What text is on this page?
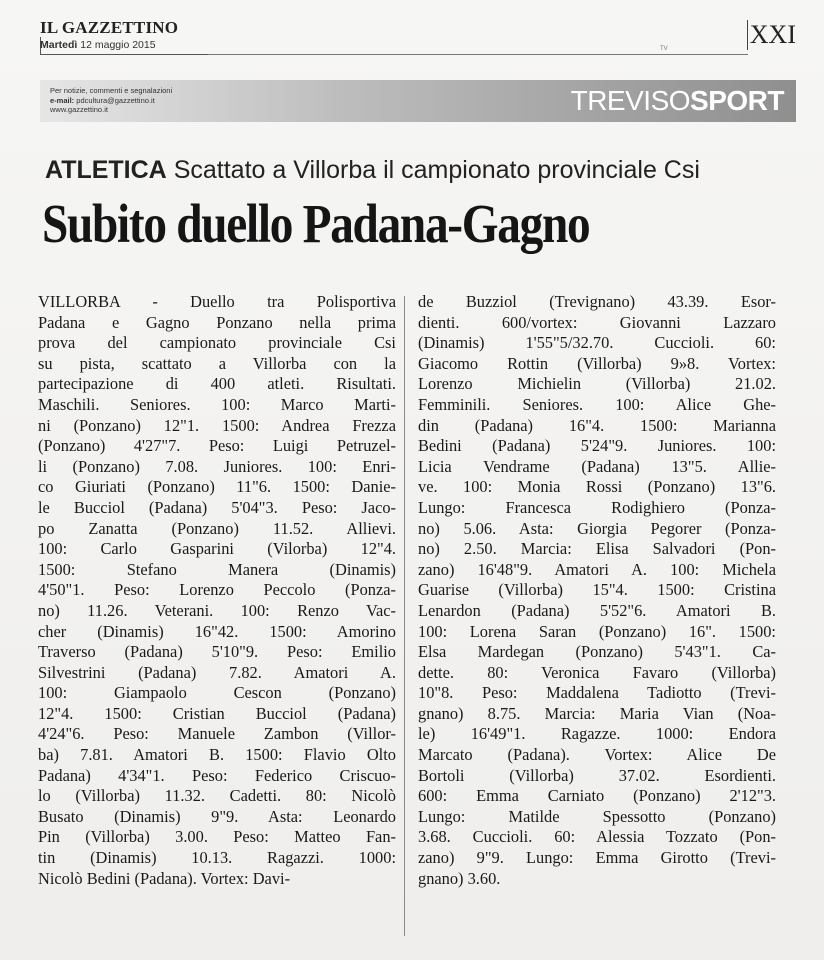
IL GAZZETTINO
Martedì 12 maggio 2015	TV	XXI
Per notizie, commenti e segnalazioni
e-mail: pdcultura@gazzettino.it
www.gazzettino.it	TREVISOSPORT
ATLETICA Scattato a Villorba il campionato provinciale Csi
Subito duello Padana-Gagno
VILLORBA - Duello tra Polisportiva
Padana e Gagno Ponzano nella prima
prova del campionato provinciale Csi
su pista, scattato a Villorba con la
partecipazione di 400 atleti. Risultati.
Maschili. Seniores. 100: Marco Marti-
ni (Ponzano) 12"1. 1500: Andrea Frezza
(Ponzano) 4'27"7. Peso: Luigi Petruzel-
li (Ponzano) 7.08. Juniores. 100: Enri-
co Giuriati (Ponzano) 11"6. 1500: Danie-
le Bucciol (Padana) 5'04"3. Peso: Jaco-
po Zanatta (Ponzano) 11.52. Allievi.
100: Carlo Gasparini (Vilorba) 12"4.
1500: Stefano Manera (Dinamis)
4'50"1. Peso: Lorenzo Peccolo (Ponza-
no) 11.26. Veterani. 100: Renzo Vac-
cher (Dinamis) 16"42. 1500: Amorino
Traverso (Padana) 5'10"9. Peso: Emilio
Silvestrini (Padana) 7.82. Amatori A.
100: Giampaolo Cescon (Ponzano)
12"4. 1500: Cristian Bucciol (Padana)
4'24"6. Peso: Manuele Zambon (Villor-
ba) 7.81. Amatori B. 1500: Flavio Olto
Padana) 4'34"1. Peso: Federico Criscuo-
lo (Villorba) 11.32. Cadetti. 80: Nicolò
Busato (Dinamis) 9"9. Asta: Leonardo
Pin (Villorba) 3.00. Peso: Matteo Fan-
tin (Dinamis) 10.13. Ragazzi. 1000:
Nicolò Bedini (Padana). Vortex: Davi-
de Buzziol (Trevignano) 43.39. Esor-
dienti. 600/vortex: Giovanni Lazzaro
(Dinamis) 1'55"5/32.70. Cuccioli. 60:
Giacomo Rottin (Villorba) 9»8. Vortex:
Lorenzo Michielin (Villorba) 21.02.
Femminili. Seniores. 100: Alice Ghe-
din (Padana) 16"4. 1500: Marianna
Bedini (Padana) 5'24"9. Juniores. 100:
Licia Vendrame (Padana) 13"5. Allie-
ve. 100: Monia Rossi (Ponzano) 13"6.
Lungo: Francesca Rodighiero (Ponza-
no) 5.06. Asta: Giorgia Pegorer (Ponza-
no) 2.50. Marcia: Elisa Salvadori (Pon-
zano) 16'48"9. Amatori A. 100: Michela
Guarise (Villorba) 15"4. 1500: Cristina
Lenardon (Padana) 5'52"6. Amatori B.
100: Lorena Saran (Ponzano) 16". 1500:
Elsa Mardegan (Ponzano) 5'43"1. Ca-
dette. 80: Veronica Favaro (Villorba)
10"8. Peso: Maddalena Tadiotto (Trevi-
gnano) 8.75. Marcia: Maria Vian (Noa-
le) 16'49"1. Ragazze. 1000: Endora
Marcato (Padana). Vortex: Alice De
Bortoli (Villorba) 37.02. Esordienti.
600: Emma Carniato (Ponzano) 2'12"3.
Lungo: Matilde Spessotto (Ponzano)
3.68. Cuccioli. 60: Alessia Tozzato (Pon-
zano) 9"9. Lungo: Emma Girotto (Trevi-
gnano) 3.60.
